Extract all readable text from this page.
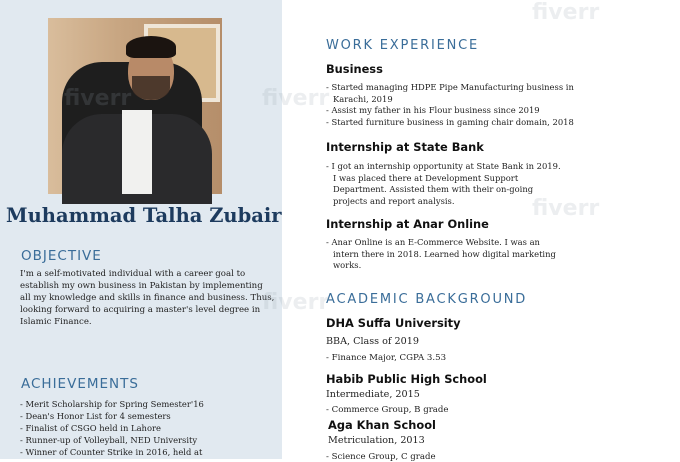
Muhammad Talha Zubair
OBJECTIVE
I'm a self-motivated individual with a career goal to establish my own business in Pakistan by implementing all my knowledge and skills in finance and business. Thus, looking forward to acquiring a master's level degree in Islamic Finance.
ACHIEVEMENTS
- Merit Scholarship for Spring Semester'16
- Dean's Honor List for 4 semesters
- Finalist of CSGO held in Lahore
- Runner-up of Volleyball, NED University
- Winner of Counter Strike in 2016, held at
fiverr
WORK EXPERIENCE
Business
- Started managing HDPE Pipe Manufacturing business in Karachi, 2019
- Assist my father in his Flour business since 2019
- Started furniture business in gaming chair domain, 2018
Internship at State Bank
- I got an internship opportunity at State Bank in 2019. I was placed there at Development Support Department. Assisted them with their on-going projects and report analysis.
Internship at Anar Online
- Anar Online is an E-Commerce Website. I was an intern there in 2018. Learned how digital marketing works.
ACADEMIC BACKGROUND
DHA Suffa University
BBA, Class of 2019
- Finance Major, CGPA 3.53
Habib Public High School
Intermediate, 2015
- Commerce Group, B grade
Aga Khan School
Metriculation, 2013
- Science Group, C grade
fiverr
fiverr
fiverr
fiverr
